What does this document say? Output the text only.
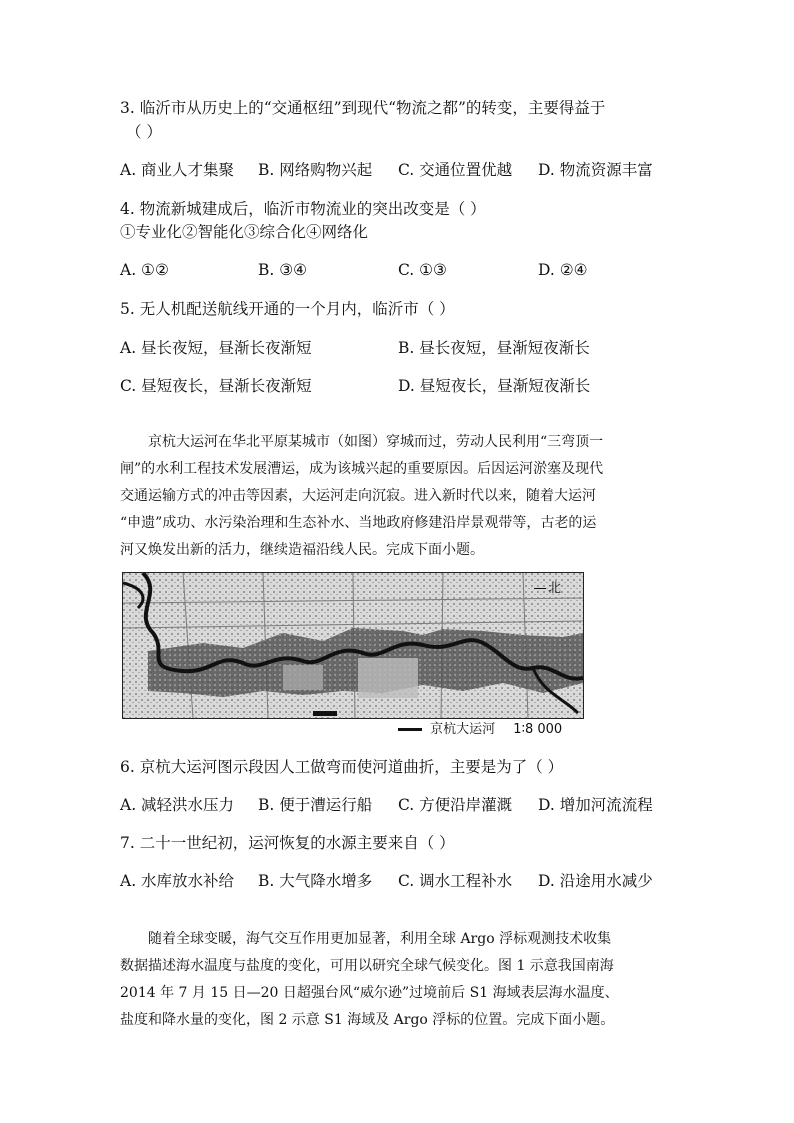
3. 临沂市从历史上的“交通枢纽”到现代“物流之都”的转变，主要得益于
（ ）
A. 商业人才集聚 B. 网络购物兴起 C. 交通位置优越 D. 物流资源丰富
4. 物流新城建成后，临沂市物流业的突出改变是（ ）
①专业化②智能化③综合化④网络化
A. ①②	B. ③④	C. ①③	D. ②④
5. 无人机配送航线开通的一个月内，临沂市（ ）
A. 昼长夜短，昼渐长夜渐短	B. 昼长夜短，昼渐短夜渐长
C. 昼短夜长，昼渐长夜渐短	D. 昼短夜长，昼渐短夜渐长
京杭大运河在华北平原某城市（如图）穿城而过，劳动人民利用“三弯顶一
闸”的水利工程技术发展漕运，成为该城兴起的重要原因。后因运河淤塞及现代
交通运输方式的冲击等因素，大运河走向沉寂。进入新时代以来，随着大运河
“申遗”成功、水污染治理和生态补水、当地政府修建沿岸景观带等，古老的运
河又焕发出新的活力，继续造福沿线人民。完成下面小题。
北
京杭大运河 1∶8 000
6. 京杭大运河图示段因人工做弯而使河道曲折，主要是为了（ ）
A. 减轻洪水压力 B. 便于漕运行船 C. 方便沿岸灌溉 D. 增加河流流程
7. 二十一世纪初，运河恢复的水源主要来自（ ）
A. 水库放水补给 B. 大气降水增多 C. 调水工程补水 D. 沿途用水减少
随着全球变暖，海气交互作用更加显著，利用全球 Argo 浮标观测技术收集
数据描述海水温度与盐度的变化，可用以研究全球气候变化。图 1 示意我国南海
2014 年 7 月 15 日—20 日超强台风“威尔逊”过境前后 S1 海域表层海水温度、
盐度和降水量的变化，图 2 示意 S1 海域及 Argo 浮标的位置。完成下面小题。
